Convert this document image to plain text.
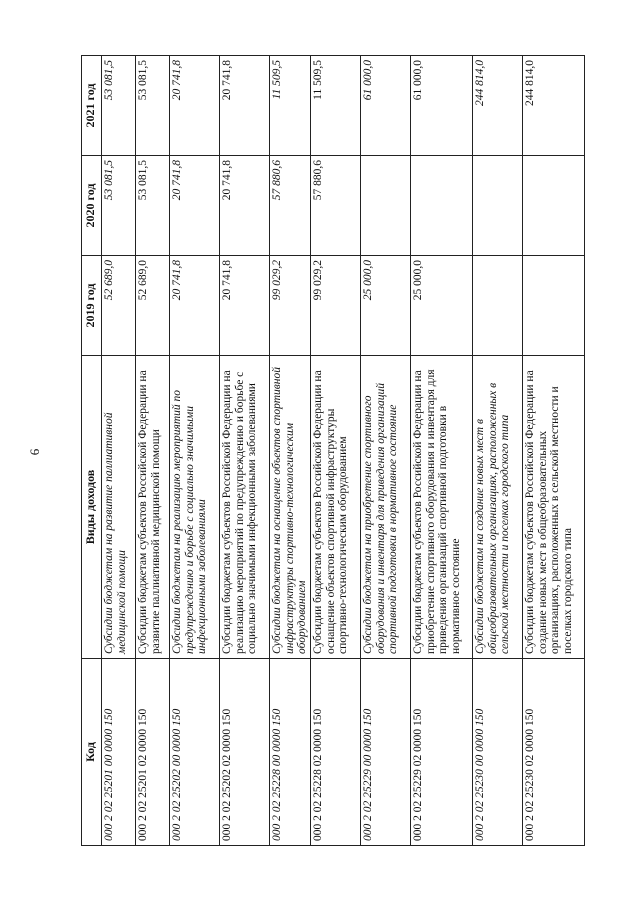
6
Код	Виды доходов	2019 год	2020 год	2021 год
000 2 02 25201 00 0000 150	Субсидии бюджетам на развитие паллиативной медицинской помощи	52 689,0	53 081,5	53 081,5
000 2 02 25201 02 0000 150	Субсидии бюджетам субъектов Российской Федерации на развитие паллиативной медицинской помощи	52 689,0	53 081,5	53 081,5
000 2 02 25202 00 0000 150	Субсидии бюджетам на реализацию мероприятий по предупреждению и борьбе с социально значимыми инфекционными заболеваниями	20 741,8	20 741,8	20 741,8
000 2 02 25202 02 0000 150	Субсидии бюджетам субъектов Российской Федерации на реализацию мероприятий по предупреждению и борьбе с социально значимыми инфекционными заболеваниями	20 741,8	20 741,8	20 741,8
000 2 02 25228 00 0000 150	Субсидии бюджетам на оснащение объектов спортивной инфраструктуры спортивно-технологическим оборудованием	99 029,2	57 880,6	11 509,5
000 2 02 25228 02 0000 150	Субсидии бюджетам субъектов Российской Федерации на оснащение объектов спортивной инфраструктуры спортивно-технологическим оборудованием	99 029,2	57 880,6	11 509,5
000 2 02 25229 00 0000 150	Субсидии бюджетам на приобретение спортивного оборудования и инвентаря для приведения организаций спортивной подготовки в нормативное состояние	25 000,0		61 000,0
000 2 02 25229 02 0000 150	Субсидии бюджетам субъектов Российской Федерации на приобретение спортивного оборудования и инвентаря для приведения организаций спортивной подготовки в нормативное состояние	25 000,0		61 000,0
000 2 02 25230 00 0000 150	Субсидии бюджетам на создание новых мест в общеобразовательных организациях, расположенных в сельской местности и поселках городского типа			244 814,0
000 2 02 25230 02 0000 150	Субсидии бюджетам субъектов Российской Федерации на создание новых мест в общеобразовательных организациях, расположенных в сельской местности и поселках городского типа			244 814,0
